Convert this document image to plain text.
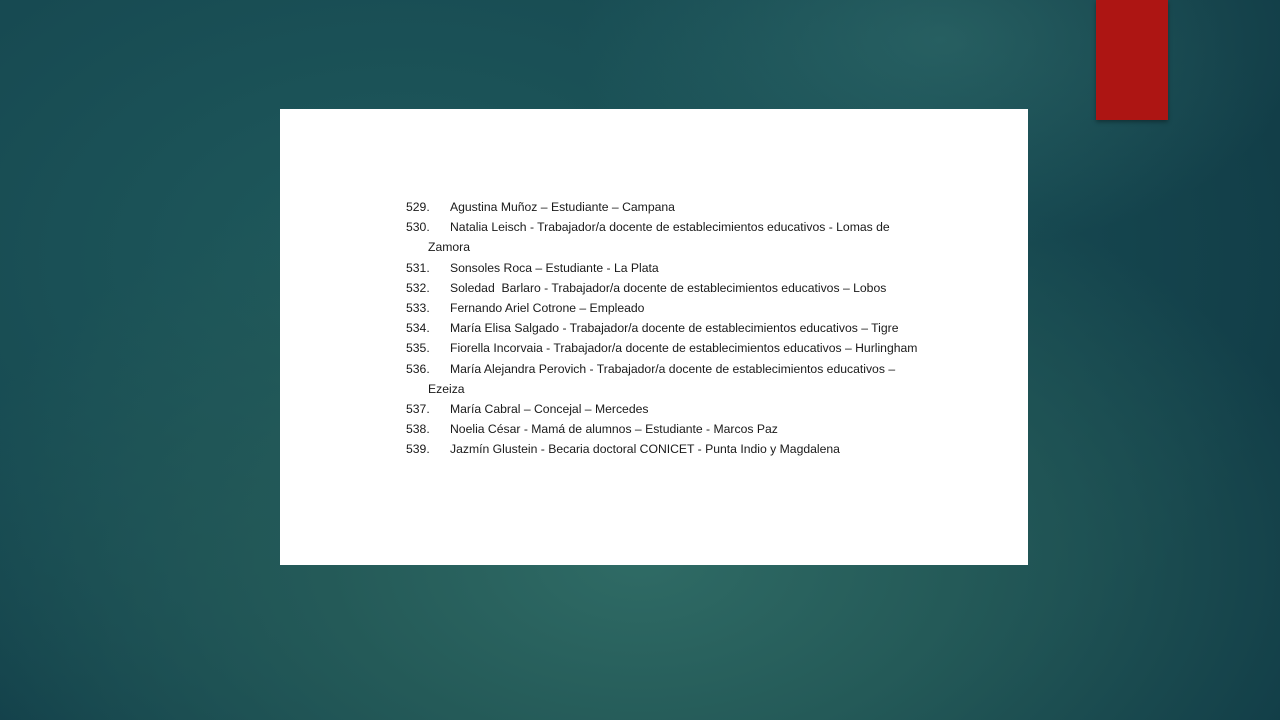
529. Agustina Muñoz – Estudiante – Campana
530. Natalia Leisch - Trabajador/a docente de establecimientos educativos - Lomas de
Zamora
531. Sonsoles Roca – Estudiante - La Plata
532. Soledad  Barlaro - Trabajador/a docente de establecimientos educativos – Lobos
533. Fernando Ariel Cotrone – Empleado
534. María Elisa Salgado - Trabajador/a docente de establecimientos educativos – Tigre
535. Fiorella Incorvaia - Trabajador/a docente de establecimientos educativos – Hurlingham
536. María Alejandra Perovich - Trabajador/a docente de establecimientos educativos –
Ezeiza
537. María Cabral – Concejal – Mercedes
538. Noelia César - Mamá de alumnos – Estudiante - Marcos Paz
539. Jazmín Glustein - Becaria doctoral CONICET - Punta Indio y Magdalena
